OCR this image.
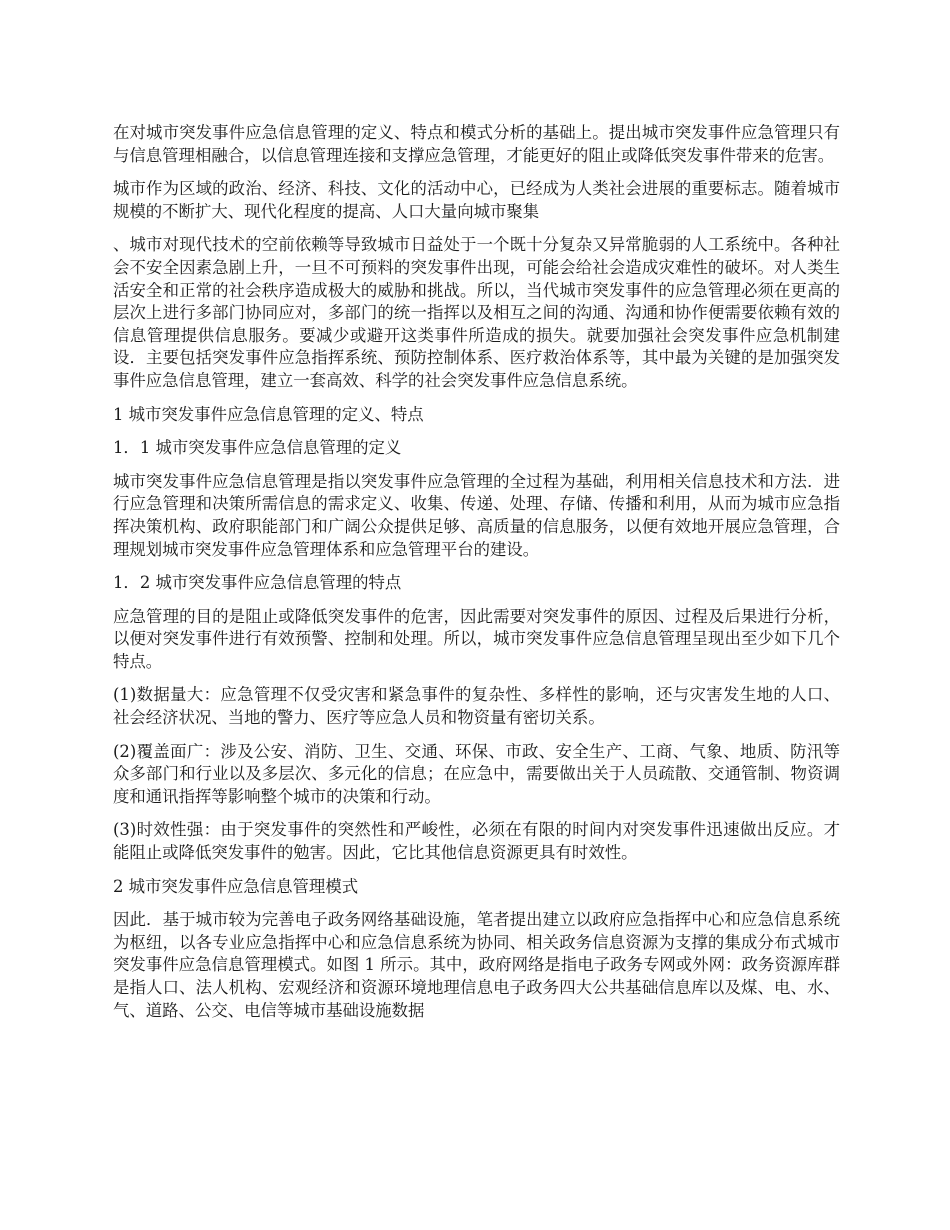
在对城市突发事件应急信息管理的定义、特点和模式分析的基础上。提出城市突发事件应急管理只有与信息管理相融合，以信息管理连接和支撑应急管理，才能更好的阻止或降低突发事件带来的危害。

城市作为区域的政治、经济、科技、文化的活动中心，已经成为人类社会进展的重要标志。随着城市规模的不断扩大、现代化程度的提高、人口大量向城市聚集

、城市对现代技术的空前依赖等导致城市日益处于一个既十分复杂又异常脆弱的人工系统中。各种社会不安全因素急剧上升，一旦不可预料的突发事件出现，可能会给社会造成灾难性的破坏。对人类生活安全和正常的社会秩序造成极大的威胁和挑战。所以，当代城市突发事件的应急管理必须在更高的层次上进行多部门协同应对，多部门的统一指挥以及相互之间的沟通、沟通和协作便需要依赖有效的信息管理提供信息服务。要减少或避开这类事件所造成的损失。就要加强社会突发事件应急机制建设．主要包括突发事件应急指挥系统、预防控制体系、医疗救治体系等，其中最为关键的是加强突发事件应急信息管理，建立一套高效、科学的社会突发事件应急信息系统。

1 城市突发事件应急信息管理的定义、特点

1．1 城市突发事件应急信息管理的定义

城市突发事件应急信息管理是指以突发事件应急管理的全过程为基础，利用相关信息技术和方法．进行应急管理和决策所需信息的需求定义、收集、传递、处理、存储、传播和利用，从而为城市应急指挥决策机构、政府职能部门和广阔公众提供足够、高质量的信息服务，以便有效地开展应急管理，合理规划城市突发事件应急管理体系和应急管理平台的建设。

1．2 城市突发事件应急信息管理的特点

应急管理的目的是阻止或降低突发事件的危害，因此需要对突发事件的原因、过程及后果进行分析，以便对突发事件进行有效预警、控制和处理。所以，城市突发事件应急信息管理呈现出至少如下几个特点。

(1)数据量大：应急管理不仅受灾害和紧急事件的复杂性、多样性的影响，还与灾害发生地的人口、社会经济状况、当地的警力、医疗等应急人员和物资量有密切关系。

(2)覆盖面广：涉及公安、消防、卫生、交通、环保、市政、安全生产、工商、气象、地质、防汛等众多部门和行业以及多层次、多元化的信息；在应急中，需要做出关于人员疏散、交通管制、物资调度和通讯指挥等影响整个城市的决策和行动。

(3)时效性强：由于突发事件的突然性和严峻性，必须在有限的时间内对突发事件迅速做出反应。才能阻止或降低突发事件的勉害。因此，它比其他信息资源更具有时效性。

2 城市突发事件应急信息管理模式

因此．基于城市较为完善电子政务网络基础设施，笔者提出建立以政府应急指挥中心和应急信息系统为枢纽，以各专业应急指挥中心和应急信息系统为协同、相关政务信息资源为支撑的集成分布式城市突发事件应急信息管理模式。如图 1 所示。其中，政府网络是指电子政务专网或外网：政务资源库群是指人口、法人机构、宏观经济和资源环境地理信息电子政务四大公共基础信息库以及煤、电、水、气、道路、公交、电信等城市基础设施数据
